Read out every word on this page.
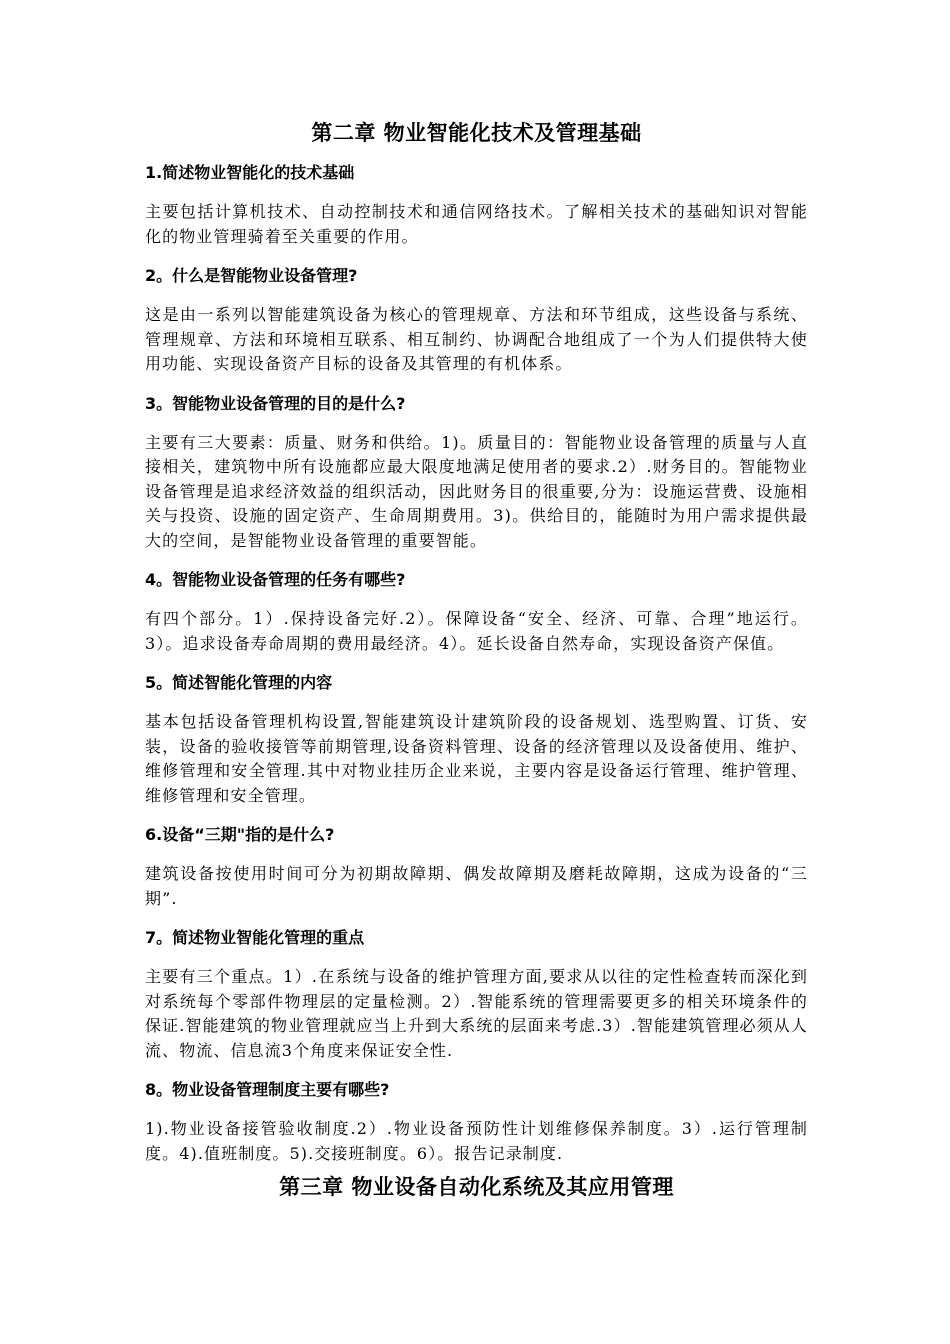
第二章 物业智能化技术及管理基础
1.简述物业智能化的技术基础

主要包括计算机技术、自动控制技术和通信网络技术。了解相关技术的基础知识对智能化的物业管理骑着至关重要的作用。

2。什么是智能物业设备管理?

这是由一系列以智能建筑设备为核心的管理规章、方法和环节组成，这些设备与系统、管理规章、方法和环境相互联系、相互制约、协调配合地组成了一个为人们提供特大使用功能、实现设备资产目标的设备及其管理的有机体系。

3。智能物业设备管理的目的是什么?

主要有三大要素：质量、财务和供给。1)。质量目的：智能物业设备管理的质量与人直接相关，建筑物中所有设施都应最大限度地满足使用者的要求.2）.财务目的。智能物业设备管理是追求经济效益的组织活动，因此财务目的很重要,分为：设施运营费、设施相关与投资、设施的固定资产、生命周期费用。3)。供给目的，能随时为用户需求提供最大的空间，是智能物业设备管理的重要智能。

4。智能物业设备管理的任务有哪些?

有四个部分。1）.保持设备完好.2）。保障设备“安全、经济、可靠、合理”地运行。3）。追求设备寿命周期的费用最经济。4）。延长设备自然寿命，实现设备资产保值。

5。简述智能化管理的内容

基本包括设备管理机构设置,智能建筑设计建筑阶段的设备规划、选型购置、订货、安装，设备的验收接管等前期管理,设备资料管理、设备的经济管理以及设备使用、维护、维修管理和安全管理.其中对物业挂历企业来说，主要内容是设备运行管理、维护管理、维修管理和安全管理。

6.设备“三期"指的是什么?

建筑设备按使用时间可分为初期故障期、偶发故障期及磨耗故障期，这成为设备的“三期”.

7。简述物业智能化管理的重点

主要有三个重点。1）.在系统与设备的维护管理方面,要求从以往的定性检查转而深化到对系统每个零部件物理层的定量检测。2）.智能系统的管理需要更多的相关环境条件的保证.智能建筑的物业管理就应当上升到大系统的层面来考虑.3）.智能建筑管理必须从人流、物流、信息流3个角度来保证安全性.

8。物业设备管理制度主要有哪些?

1).物业设备接管验收制度.2）.物业设备预防性计划维修保养制度。3）.运行管理制度。4).值班制度。5).交接班制度。6）。报告记录制度.

第三章 物业设备自动化系统及其应用管理
